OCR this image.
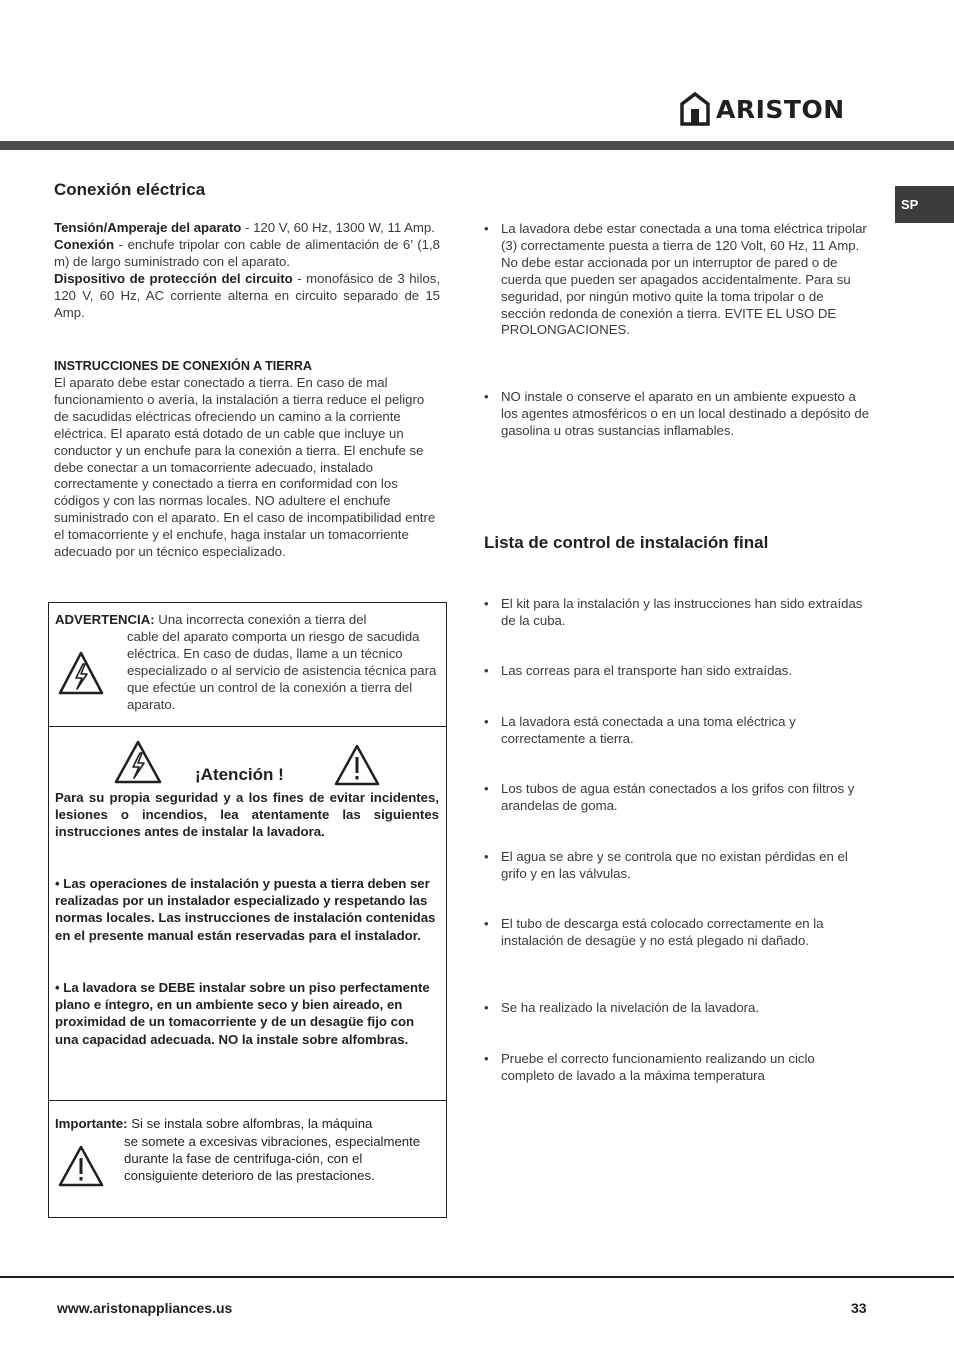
ARISTON
SP
Conexión eléctrica
Tensión/Amperaje del aparato - 120 V, 60 Hz, 1300 W, 11 Amp.
Conexión - enchufe tripolar con cable de alimentación de 6’ (1,8 m) de largo suministrado con el aparato.
Dispositivo de protección del circuito - monofásico de 3 hilos, 120 V, 60 Hz, AC corriente alterna en circuito separado de 15 Amp.
INSTRUCCIONES DE CONEXIÓN A TIERRA
El aparato debe estar conectado a tierra. En caso de mal funcionamiento o avería, la instalación a tierra reduce el peligro de sacudidas eléctricas ofreciendo un camino a la corriente eléctrica. El aparato está dotado de un cable que incluye un conductor y un enchufe para la conexión a tierra. El enchufe se debe conectar a un tomacorriente adecuado, instalado correctamente y conectado a tierra en conformidad con los códigos y con las normas locales. NO adultere el enchufe suministrado con el aparato. En el caso de incompatibilidad entre el tomacorriente y el enchufe, haga instalar un tomacorriente adecuado por un técnico especializado.
ADVERTENCIA: Una incorrecta conexión a tierra del
cable del aparato comporta un riesgo de sacudida eléctrica. En caso de dudas, llame a un técnico especializado o al servicio de asistencia técnica para que efectúe un control de la conexión a tierra del aparato.
¡Atención !
Para su propia seguridad y a los fines de evitar incidentes, lesiones o incendios, lea atentamente las siguientes instrucciones antes de instalar la lavadora.
• Las operaciones de instalación y puesta a tierra deben ser realizadas por un instalador especializado y respetando las normas locales. Las instrucciones de instalación contenidas en el presente manual están reservadas para el instalador.
• La lavadora se DEBE instalar sobre un piso perfectamente plano e íntegro, en un ambiente seco y bien aireado, en proximidad de un tomacorriente y de un desagüe fijo con una capacidad adecuada. NO la instale sobre alfombras.
Importante: Si se instala sobre alfombras, la máquina
se somete a excesivas vibraciones, especialmente durante la fase de centrifuga-ción, con el consiguiente deterioro de las prestaciones.
• La lavadora debe estar conectada a una toma eléctrica tripolar (3) correctamente puesta a tierra de 120 Volt, 60 Hz, 11 Amp. No debe estar accionada por un interruptor de pared o de cuerda que pueden ser apagados accidentalmente. Para su seguridad, por ningún motivo quite la toma tripolar o de sección redonda de conexión a tierra. EVITE EL USO DE PROLONGACIONES.
• NO instale o conserve el aparato en un ambiente expuesto a los agentes atmosféricos o en un local destinado a depósito de gasolina u otras sustancias inflamables.
Lista de control de instalación final
• El kit para la instalación y las instrucciones han sido extraídas de la cuba.
• Las correas para el transporte han sido extraídas.
• La lavadora está conectada a una toma eléctrica y correctamente a tierra.
• Los tubos de agua están conectados a los grifos con filtros y arandelas de goma.
• El agua se abre y se controla que no existan pérdidas en el grifo y en las válvulas.
• El tubo de descarga está colocado correctamente en la instalación de desagüe y no está plegado ni dañado.
• Se ha realizado la nivelación de la lavadora.
• Pruebe el correcto funcionamiento realizando un ciclo completo de lavado a la máxima temperatura
www.aristonappliances.us	33
